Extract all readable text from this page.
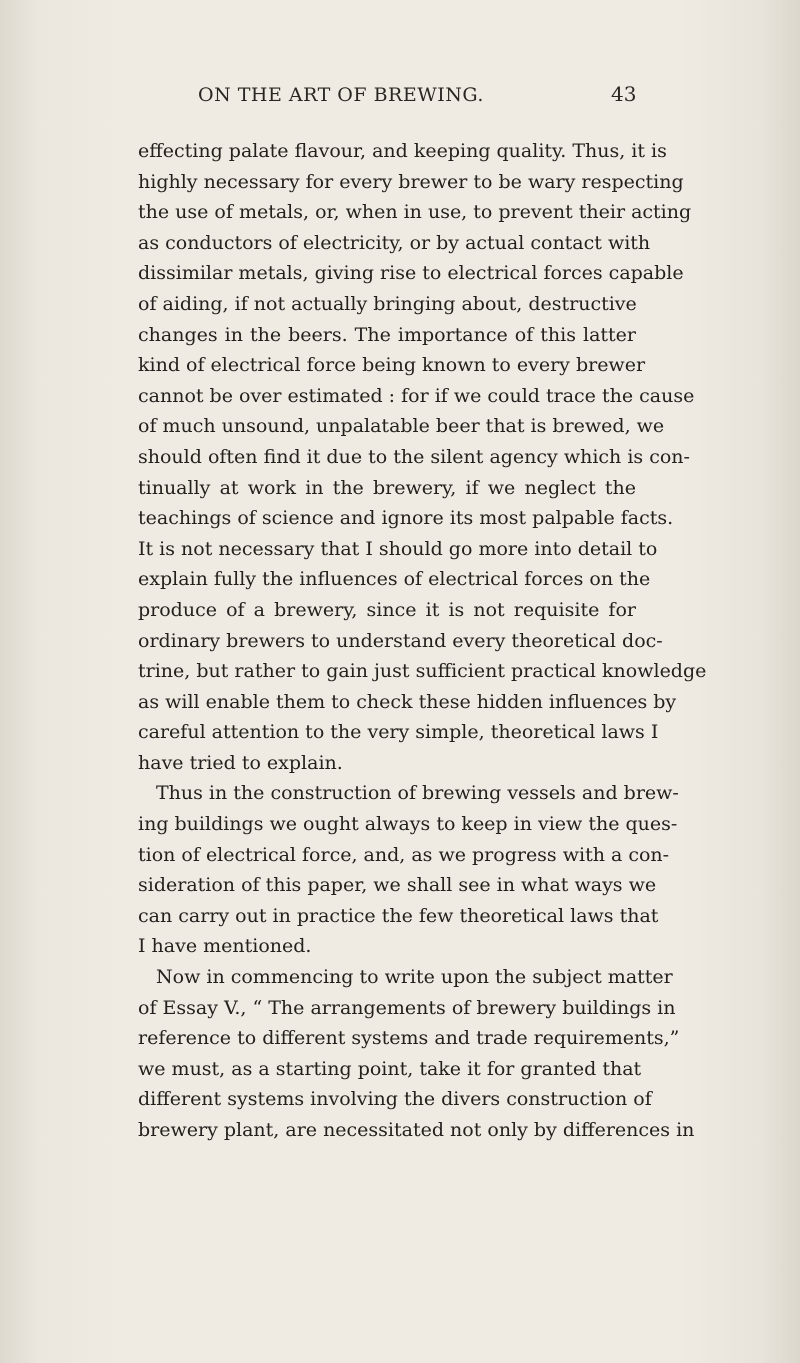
ON THE ART OF BREWING.	43
effecting palate flavour, and keeping quality. Thus, it is
highly necessary for every brewer to be wary respecting
the use of metals, or, when in use, to prevent their acting
as conductors of electricity, or by actual contact with
dissimilar metals, giving rise to electrical forces capable
of aiding, if not actually bringing about, destructive
changes in the beers. The importance of this latter
kind of electrical force being known to every brewer
cannot be over estimated : for if we could trace the cause
of much unsound, unpalatable beer that is brewed, we
should often find it due to the silent agency which is con-
tinually at work in the brewery, if we neglect the
teachings of science and ignore its most palpable facts.
It is not necessary that I should go more into detail to
explain fully the influences of electrical forces on the
produce of a brewery, since it is not requisite for
ordinary brewers to understand every theoretical doc-
trine, but rather to gain just sufficient practical knowledge
as will enable them to check these hidden influences by
careful attention to the very simple, theoretical laws I
have tried to explain.
Thus in the construction of brewing vessels and brew-
ing buildings we ought always to keep in view the ques-
tion of electrical force, and, as we progress with a con-
sideration of this paper, we shall see in what ways we
can carry out in practice the few theoretical laws that
I have mentioned.
Now in commencing to write upon the subject matter
of Essay V., “ The arrangements of brewery buildings in
reference to different systems and trade requirements,”
we must, as a starting point, take it for granted that
different systems involving the divers construction of
brewery plant, are necessitated not only by differences in
